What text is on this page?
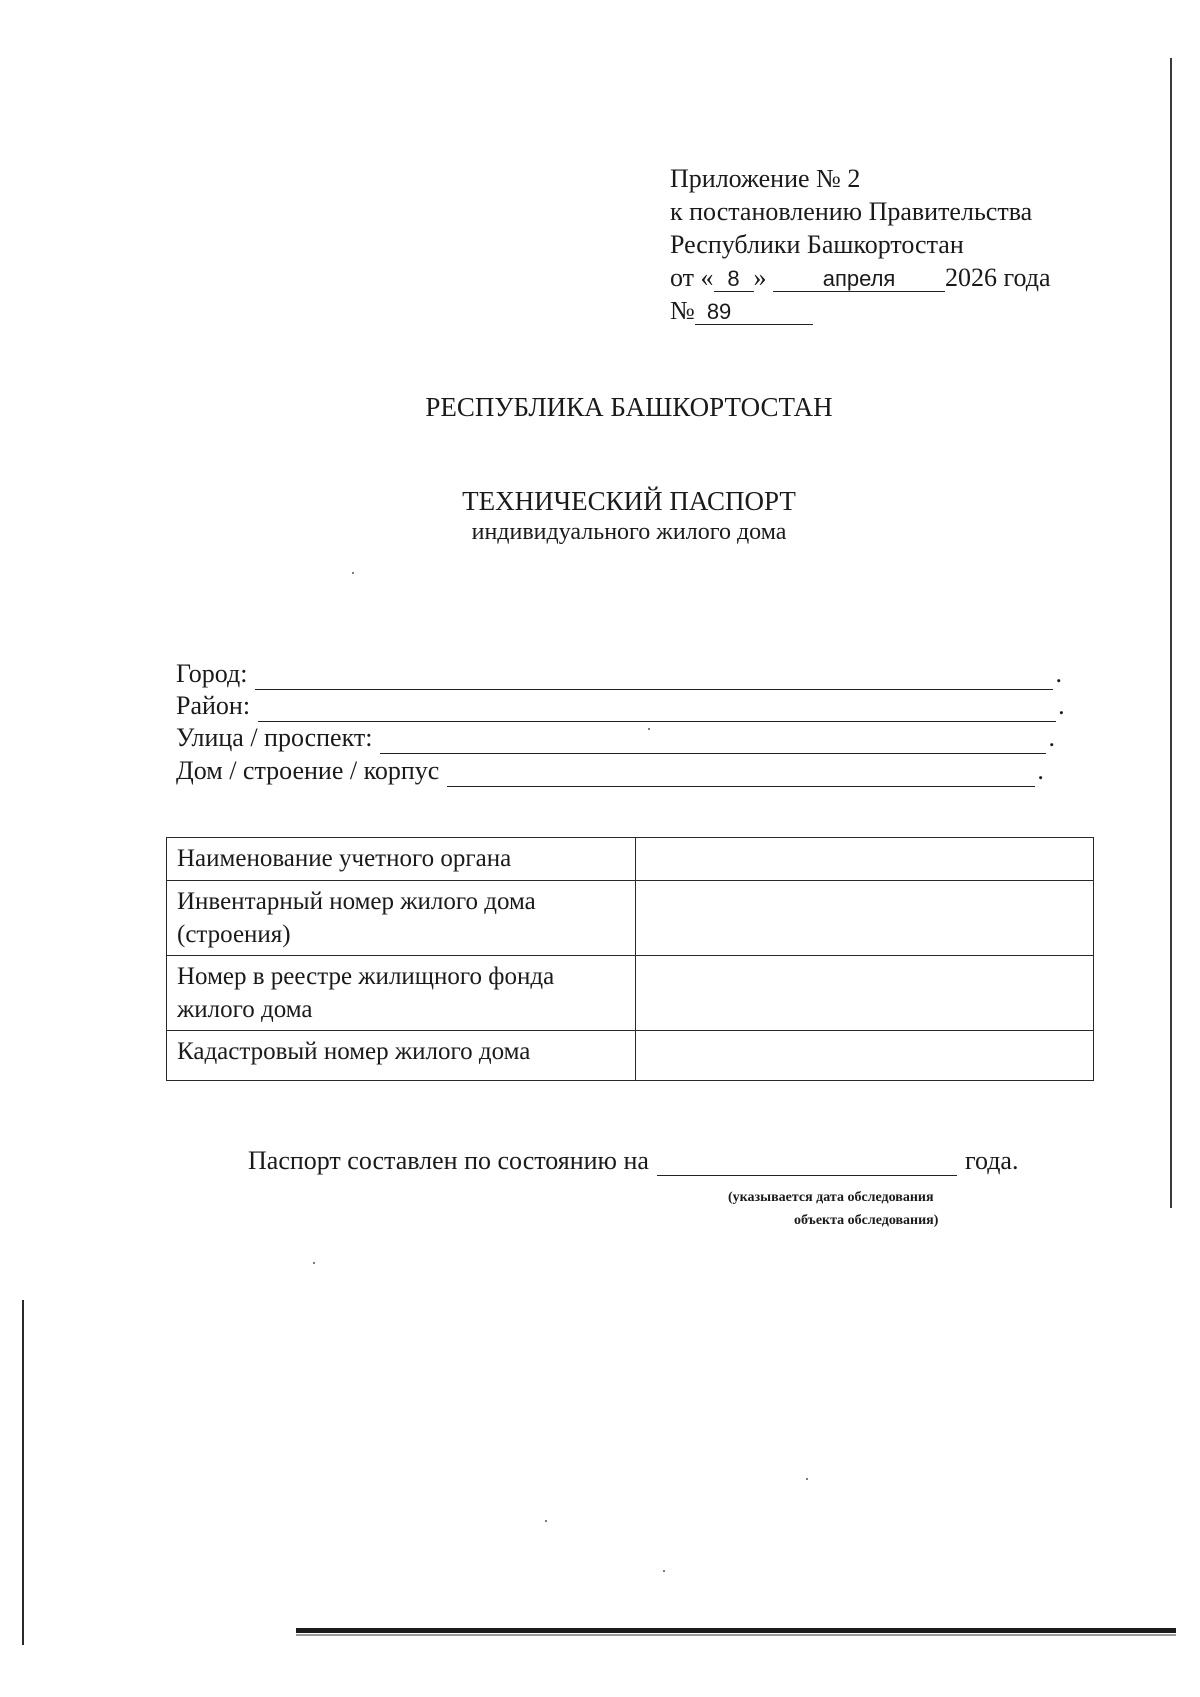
Приложение № 2
к постановлению Правительства
Республики Башкортостан
от « 8 »	апреля 2026 года
№ 89
РЕСПУБЛИКА БАШКОРТОСТАН
ТЕХНИЧЕСКИЙ ПАСПОРТ
индивидуального жилого дома
Город:	.
Район:	.
Улица / проспект:	.
Дом / строение / корпус	.
Наименование учетного органа	
Инвентарный номер жилого дома (строения)	
Номер в реестре жилищного фонда жилого дома	
Кадастровый номер жилого дома	
Паспорт составлен по состоянию на	года.
(указывается дата обследования
объекта обследования)
